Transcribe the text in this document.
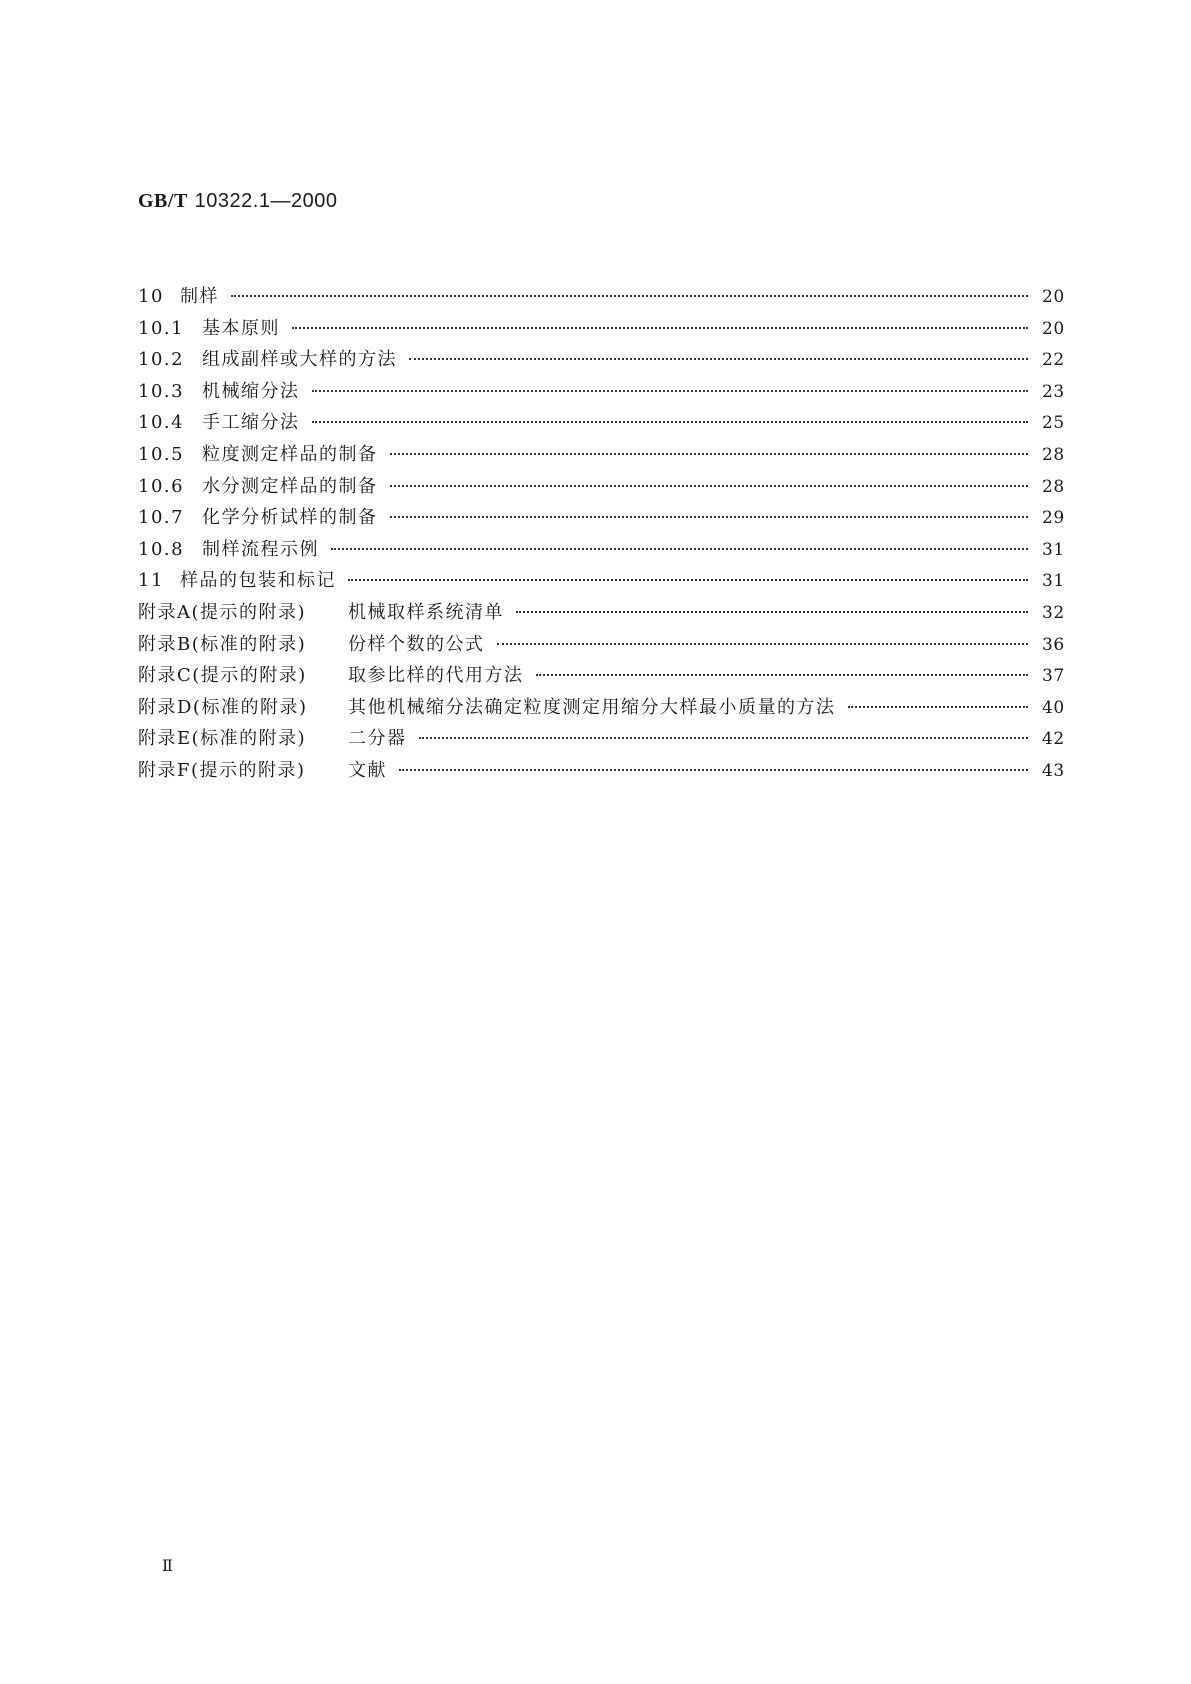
GB/T 10322.1—2000
10 制样	20
10.1 基本原则	20
10.2 组成副样或大样的方法	22
10.3 机械缩分法	23
10.4 手工缩分法	25
10.5 粒度测定样品的制备	28
10.6 水分测定样品的制备	28
10.7 化学分析试样的制备	29
10.8 制样流程示例	31
11 样品的包装和标记	31
附录A(提示的附录)	机械取样系统清单	32
附录B(标准的附录)	份样个数的公式	36
附录C(提示的附录)	取参比样的代用方法	37
附录D(标准的附录)	其他机械缩分法确定粒度测定用缩分大样最小质量的方法	40
附录E(标准的附录)	二分器	42
附录F(提示的附录)	文献	43
Ⅱ
